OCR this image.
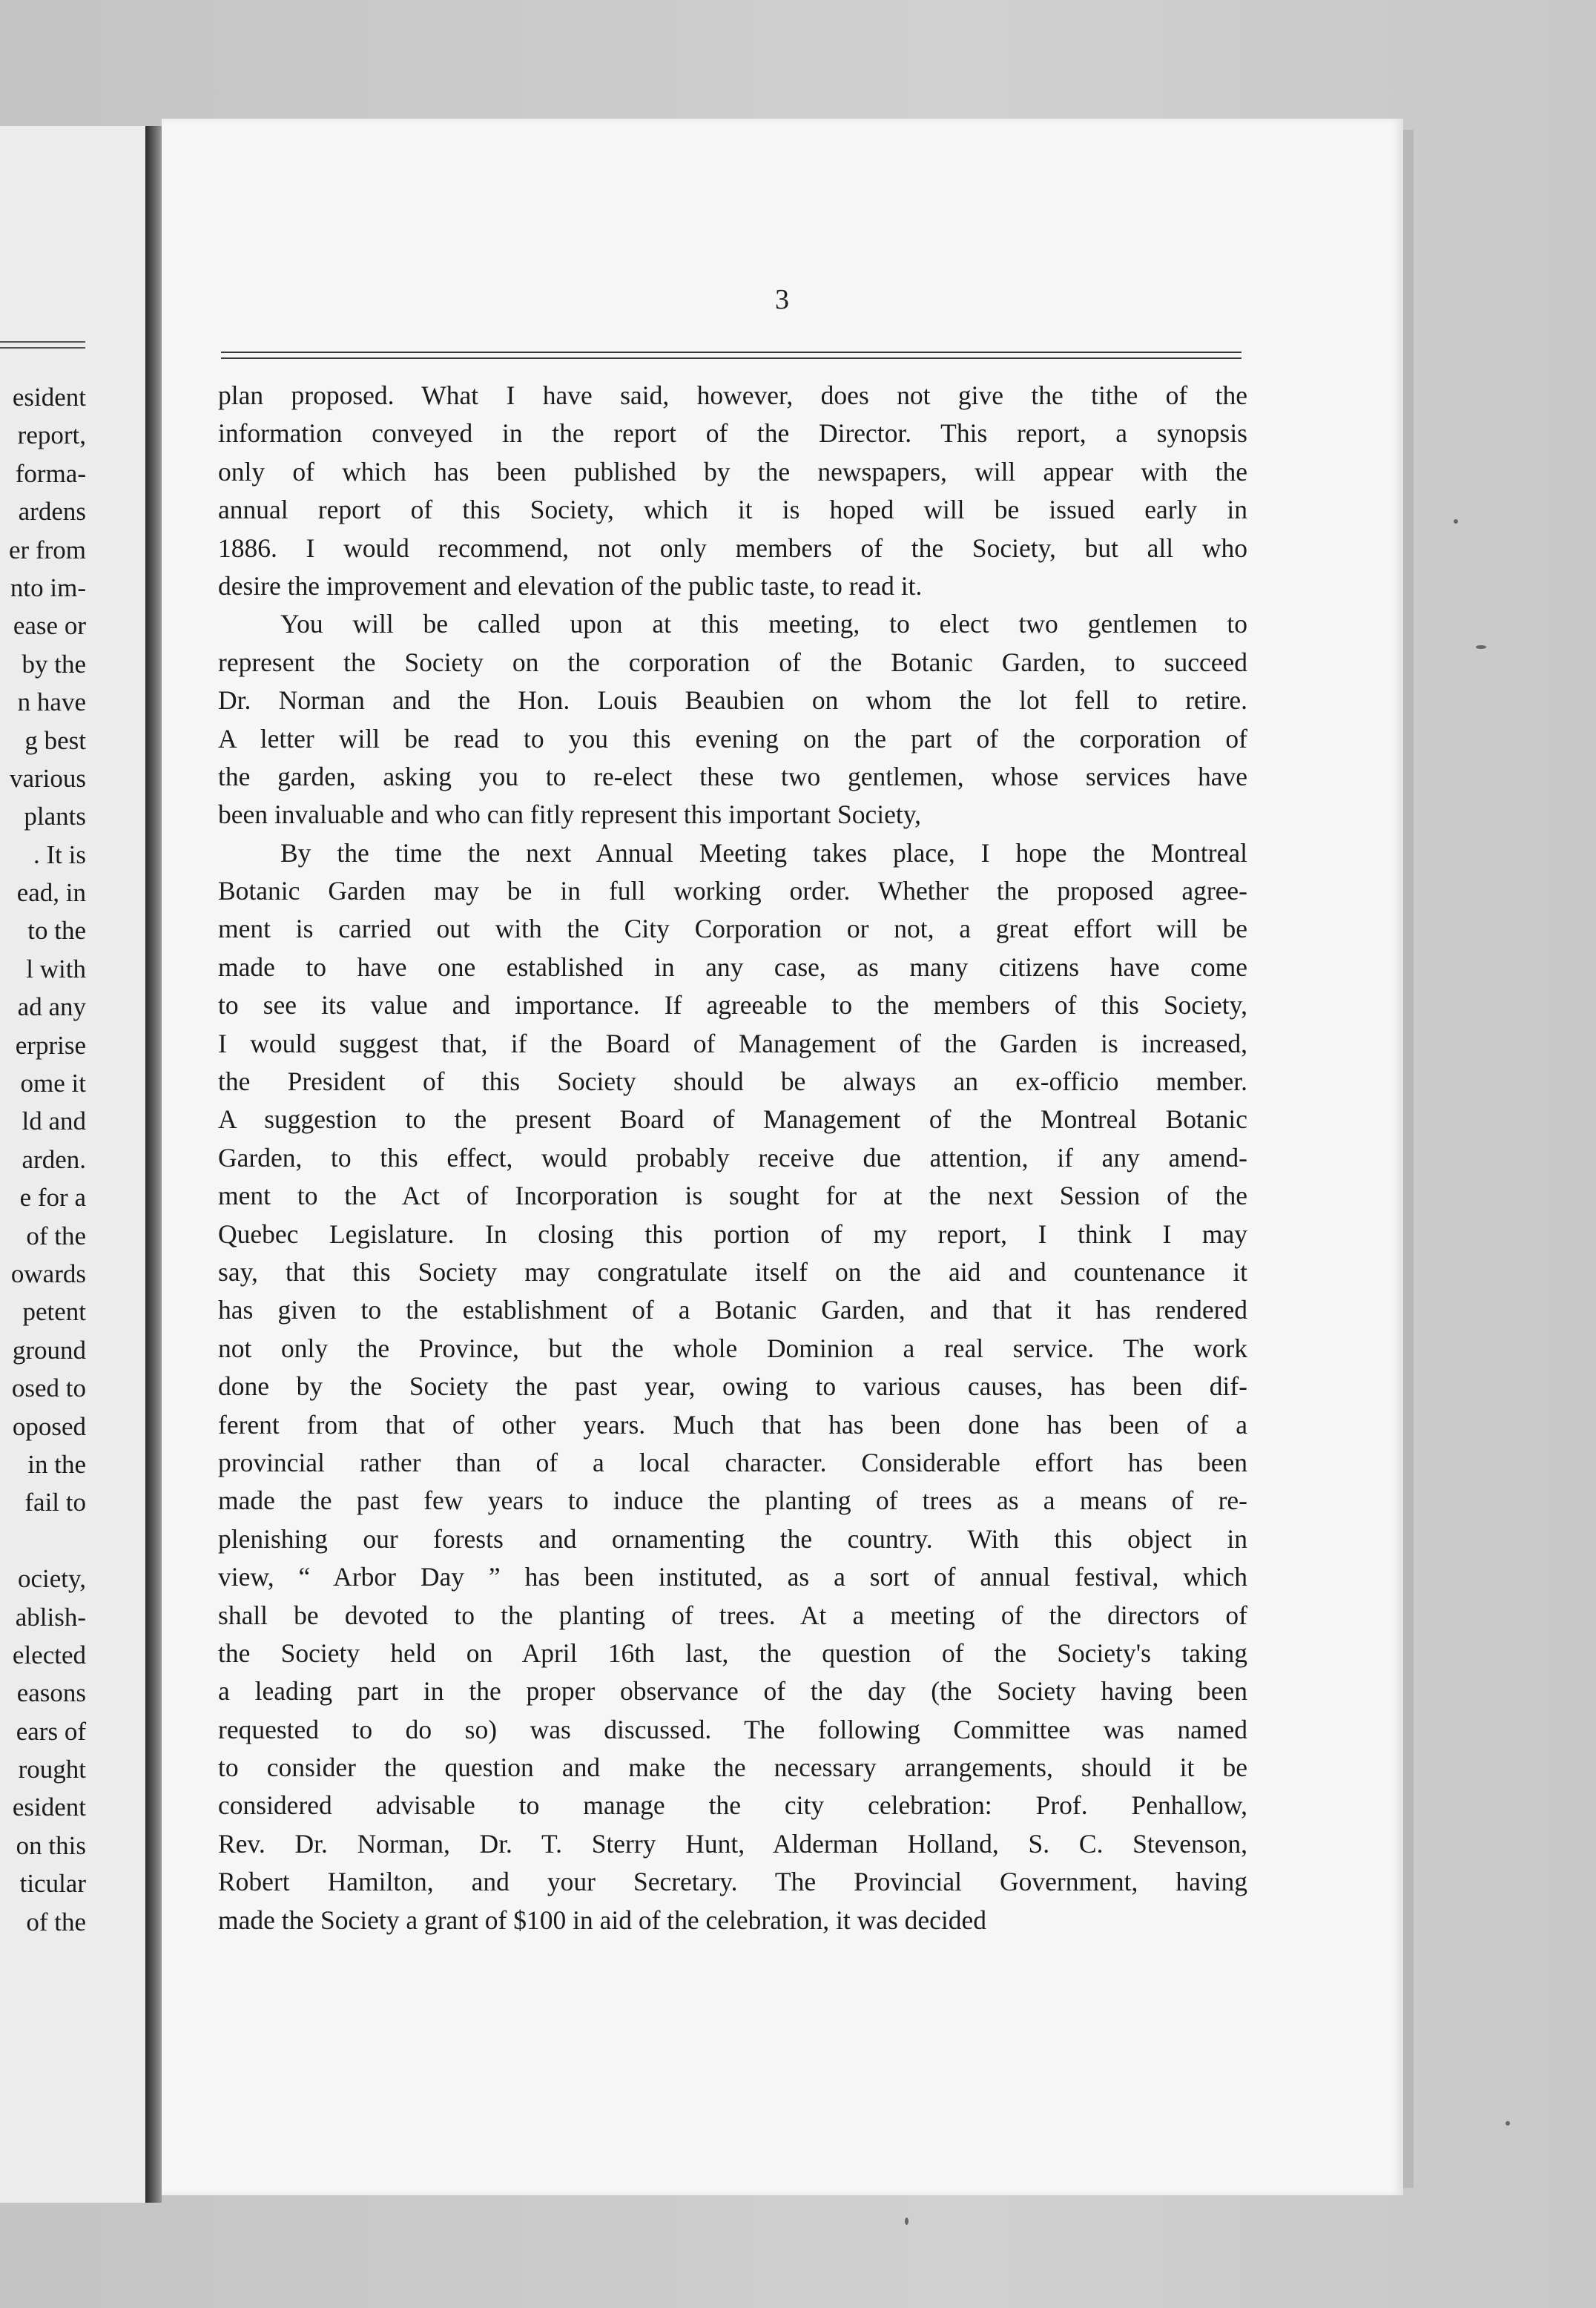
esident
report,
forma-
ardens
er from
nto im-
ease or
by the
n have
g best
various
plants
. It is
ead, in
to the
l with
ad any
erprise
ome it
ld and
arden.
e for a
of the
owards
petent
ground
osed to
oposed
in the
fail to
ociety,
ablish-
elected
easons
ears of
rought
esident
on this
ticular
of the
3
plan proposed. What I have said, however, does not give the tithe of the
information conveyed in the report of the Director. This report, a synopsis
only of which has been published by the newspapers, will appear with the
annual report of this Society, which it is hoped will be issued early in
1886. I would recommend, not only members of the Society, but all who
desire the improvement and elevation of the public taste, to read it.
You will be called upon at this meeting, to elect two gentlemen to
represent the Society on the corporation of the Botanic Garden, to succeed
Dr. Norman and the Hon. Louis Beaubien on whom the lot fell to retire.
A letter will be read to you this evening on the part of the corporation of
the garden, asking you to re-elect these two gentlemen, whose services have
been invaluable and who can fitly represent this important Society,
By the time the next Annual Meeting takes place, I hope the Montreal
Botanic Garden may be in full working order. Whether the proposed agree-
ment is carried out with the City Corporation or not, a great effort will be
made to have one established in any case, as many citizens have come
to see its value and importance. If agreeable to the members of this Society,
I would suggest that, if the Board of Management of the Garden is increased,
the President of this Society should be always an ex-officio member.
A suggestion to the present Board of Management of the Montreal Botanic
Garden, to this effect, would probably receive due attention, if any amend-
ment to the Act of Incorporation is sought for at the next Session of the
Quebec Legislature. In closing this portion of my report, I think I may
say, that this Society may congratulate itself on the aid and countenance it
has given to the establishment of a Botanic Garden, and that it has rendered
not only the Province, but the whole Dominion a real service. The work
done by the Society the past year, owing to various causes, has been dif-
ferent from that of other years. Much that has been done has been of a
provincial rather than of a local character. Considerable effort has been
made the past few years to induce the planting of trees as a means of re-
plenishing our forests and ornamenting the country. With this object in
view, “ Arbor Day ” has been instituted, as a sort of annual festival, which
shall be devoted to the planting of trees. At a meeting of the directors of
the Society held on April 16th last, the question of the Society's taking
a leading part in the proper observance of the day (the Society having been
requested to do so) was discussed. The following Committee was named
to consider the question and make the necessary arrangements, should it be
considered advisable to manage the city celebration: Prof. Penhallow,
Rev. Dr. Norman, Dr. T. Sterry Hunt, Alderman Holland, S. C. Stevenson,
Robert Hamilton, and your Secretary. The Provincial Government, having
made the Society a grant of $100 in aid of the celebration, it was decided
